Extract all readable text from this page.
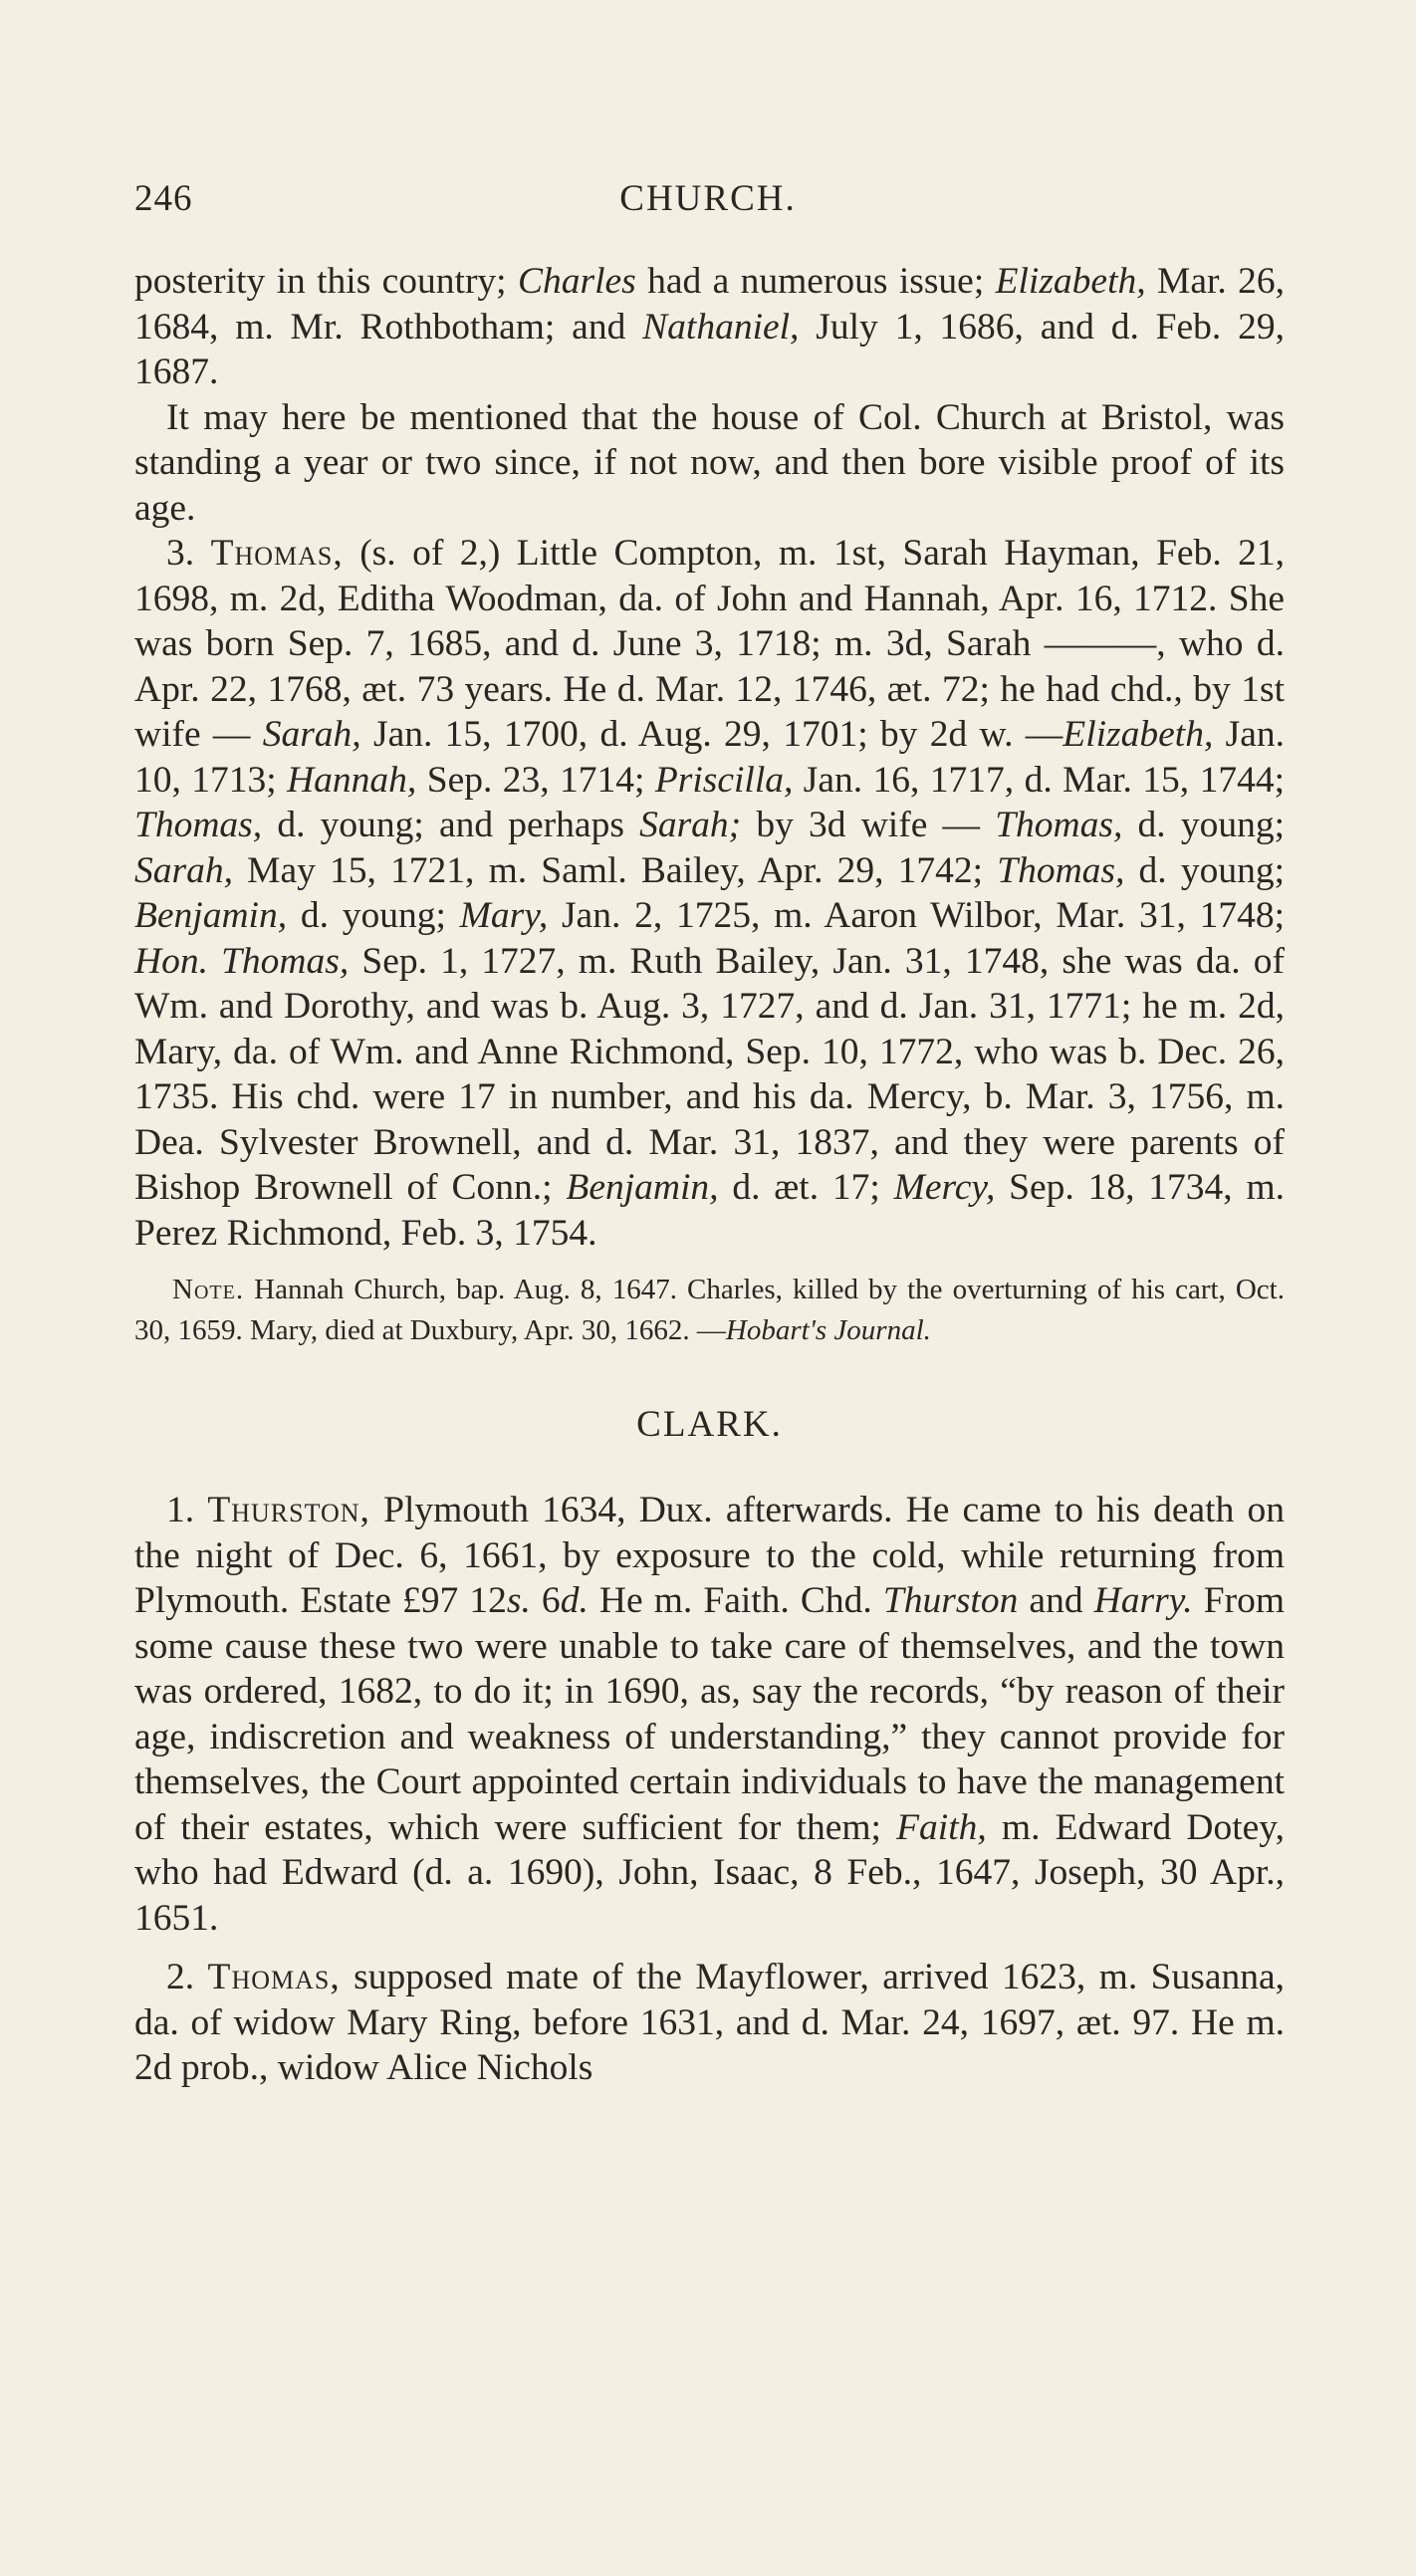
246	CHURCH.

posterity in this country; Charles had a numerous issue; Elizabeth, Mar. 26, 1684, m. Mr. Rothbotham; and Nathaniel, July 1, 1686, and d. Feb. 29, 1687.

It may here be mentioned that the house of Col. Church at Bristol, was standing a year or two since, if not now, and then bore visible proof of its age.

3. Thomas, (s. of 2,) Little Compton, m. 1st, Sarah Hayman, Feb. 21, 1698, m. 2d, Editha Woodman, da. of John and Hannah, Apr. 16, 1712. She was born Sep. 7, 1685, and d. June 3, 1718; m. 3d, Sarah ———, who d. Apr. 22, 1768, æt. 73 years. He d. Mar. 12, 1746, æt. 72; he had chd., by 1st wife — Sarah, Jan. 15, 1700, d. Aug. 29, 1701; by 2d w. —Elizabeth, Jan. 10, 1713; Hannah, Sep. 23, 1714; Priscilla, Jan. 16, 1717, d. Mar. 15, 1744; Thomas, d. young; and perhaps Sarah; by 3d wife — Thomas, d. young; Sarah, May 15, 1721, m. Saml. Bailey, Apr. 29, 1742; Thomas, d. young; Benjamin, d. young; Mary, Jan. 2, 1725, m. Aaron Wilbor, Mar. 31, 1748; Hon. Thomas, Sep. 1, 1727, m. Ruth Bailey, Jan. 31, 1748, she was da. of Wm. and Dorothy, and was b. Aug. 3, 1727, and d. Jan. 31, 1771; he m. 2d, Mary, da. of Wm. and Anne Richmond, Sep. 10, 1772, who was b. Dec. 26, 1735. His chd. were 17 in number, and his da. Mercy, b. Mar. 3, 1756, m. Dea. Sylvester Brownell, and d. Mar. 31, 1837, and they were parents of Bishop Brownell of Conn.; Benjamin, d. æt. 17; Mercy, Sep. 18, 1734, m. Perez Richmond, Feb. 3, 1754.

Note. Hannah Church, bap. Aug. 8, 1647. Charles, killed by the overturning of his cart, Oct. 30, 1659. Mary, died at Duxbury, Apr. 30, 1662. —Hobart's Journal.

CLARK.

1. Thurston, Plymouth 1634, Dux. afterwards. He came to his death on the night of Dec. 6, 1661, by exposure to the cold, while returning from Plymouth. Estate £97 12s. 6d. He m. Faith. Chd. Thurston and Harry. From some cause these two were unable to take care of themselves, and the town was ordered, 1682, to do it; in 1690, as, say the records, “by reason of their age, indiscretion and weakness of understanding,” they cannot provide for themselves, the Court appointed certain individuals to have the management of their estates, which were sufficient for them; Faith, m. Edward Dotey, who had Edward (d. a. 1690), John, Isaac, 8 Feb., 1647, Joseph, 30 Apr., 1651.

2. Thomas, supposed mate of the Mayflower, arrived 1623, m. Susanna, da. of widow Mary Ring, before 1631, and d. Mar. 24, 1697, æt. 97. He m. 2d prob., widow Alice Nichols
